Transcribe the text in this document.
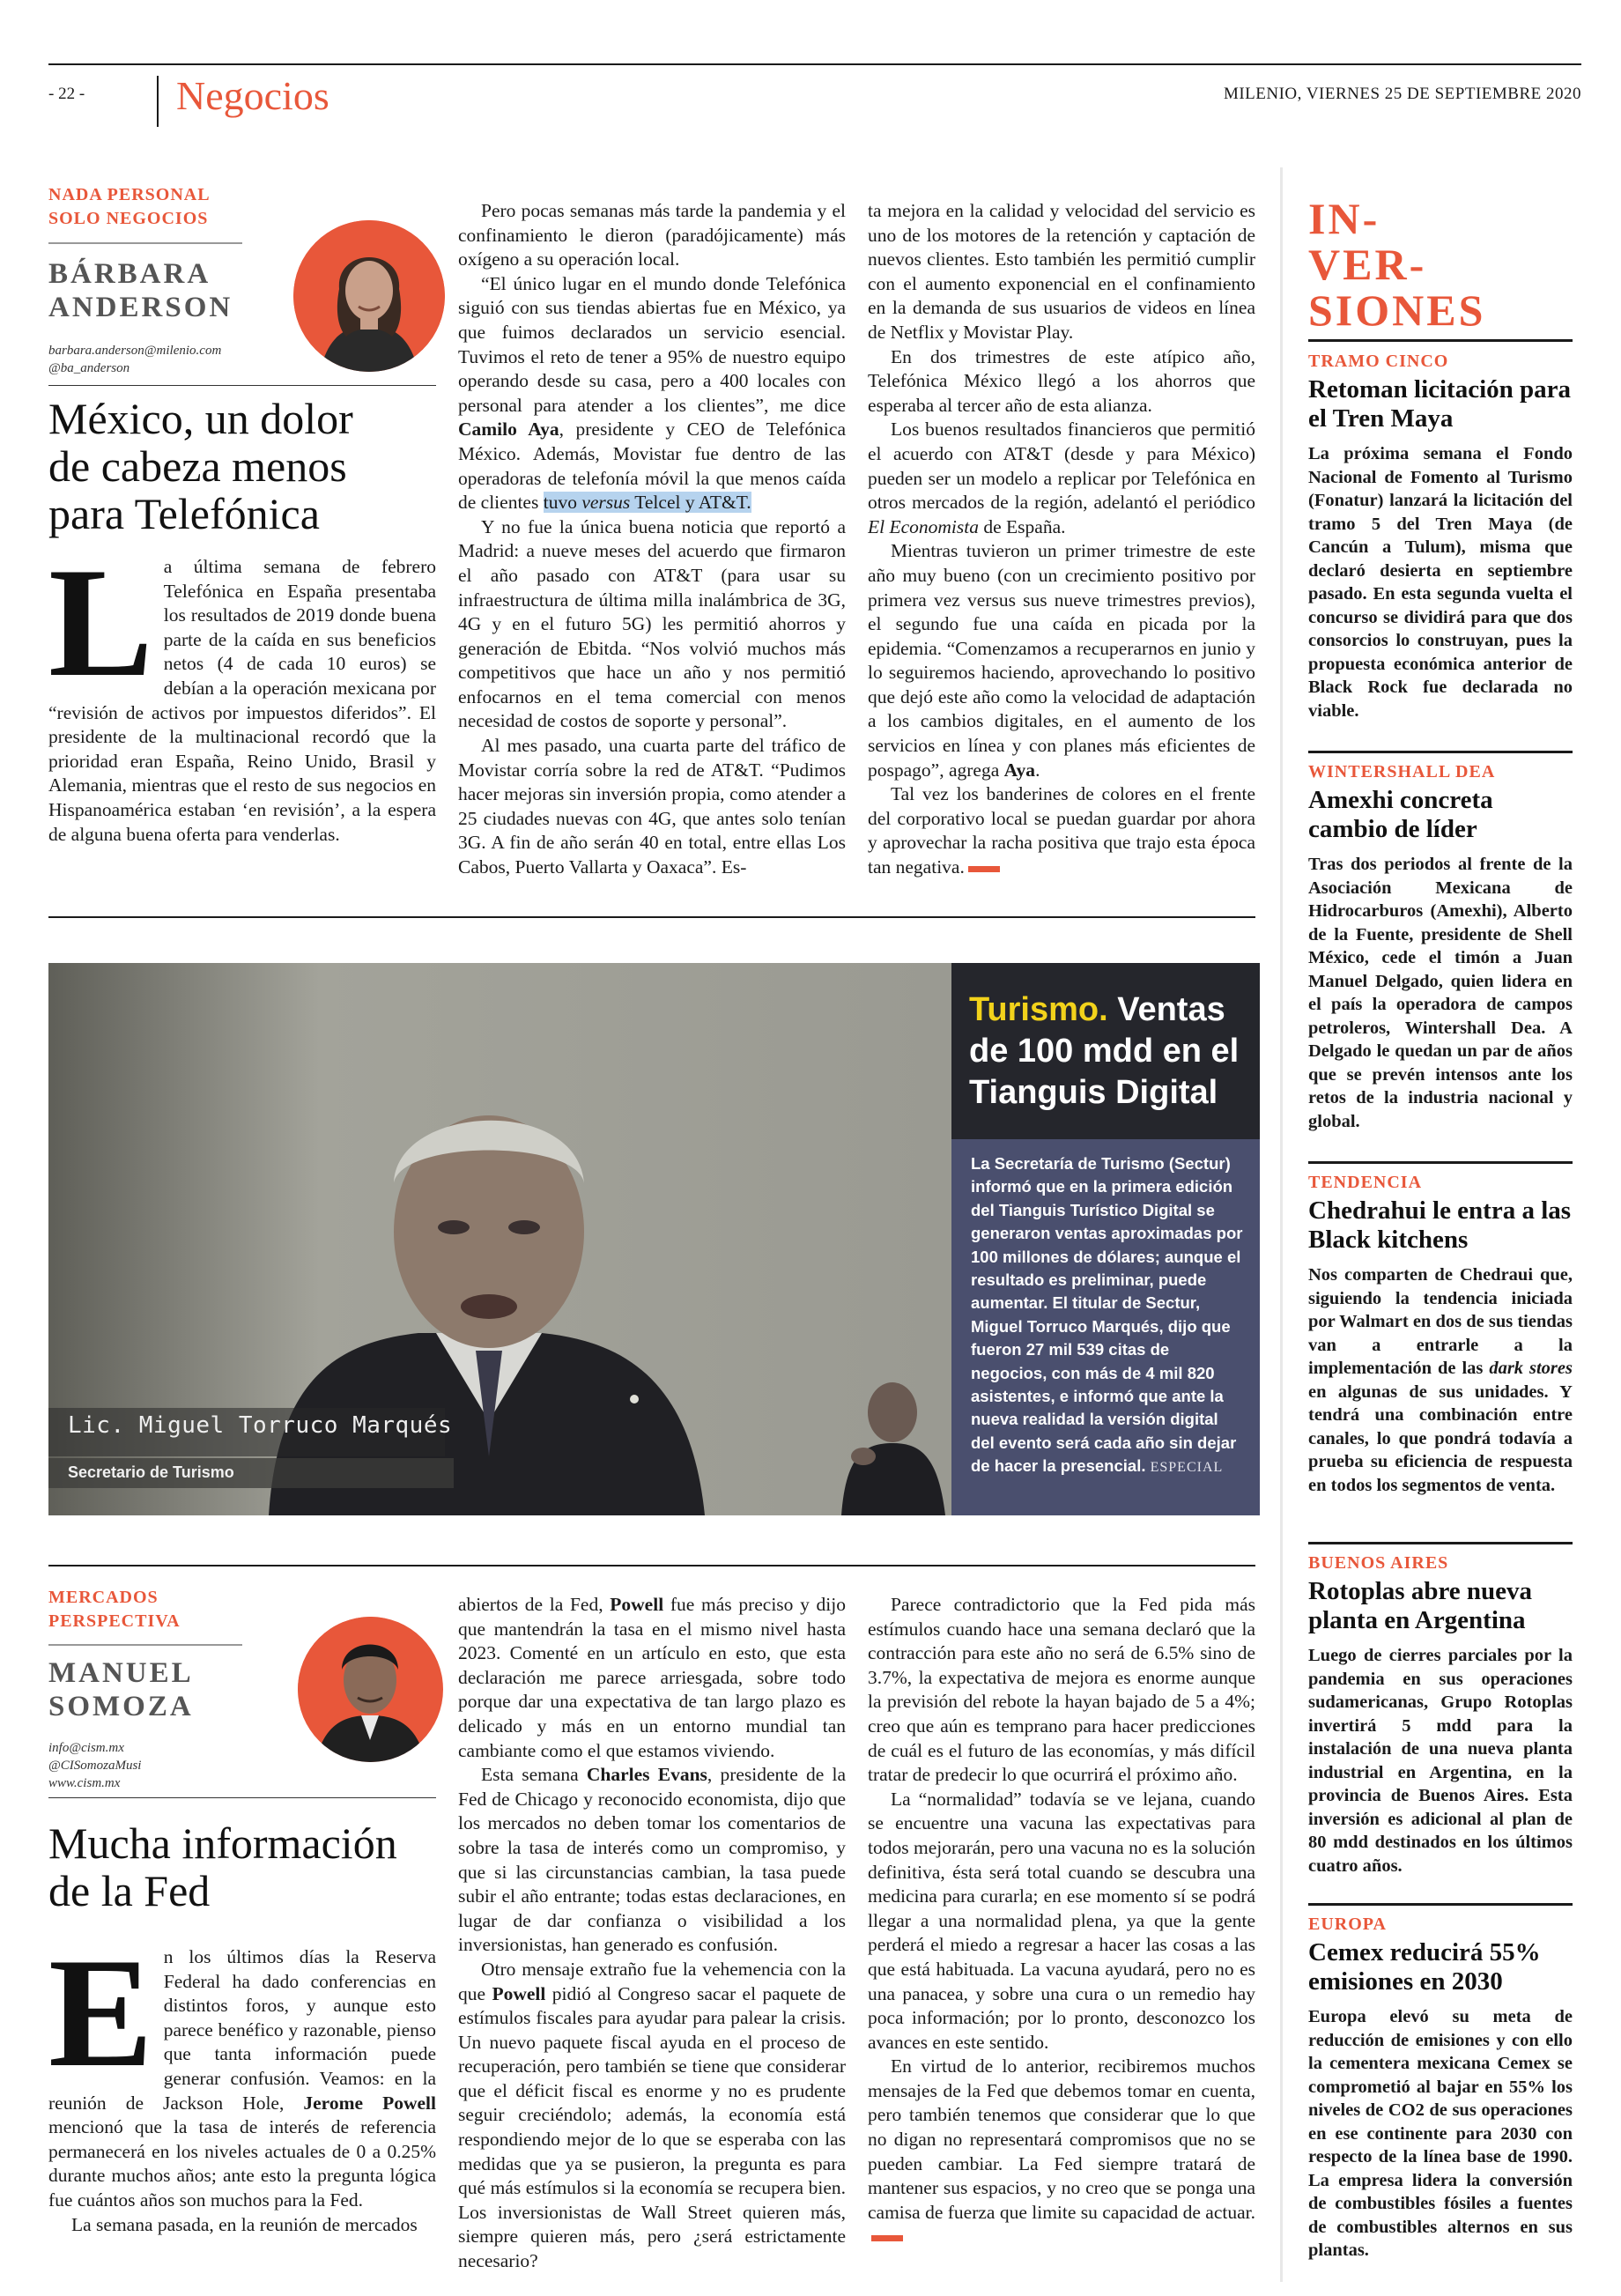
- 22 - Negocios	MILENIO, VIERNES 25 DE SEPTIEMBRE 2020
NADA PERSONAL
SOLO NEGOCIOS
BÁRBARA
ANDERSON
barbara.anderson@milenio.com
@ba_anderson
México, un dolor
de cabeza menos
para Telefónica
L a última semana de febrero Telefónica en España presentaba los resultados de 2019 donde buena parte de la caída en sus beneficios netos (4 de cada 10 euros) se debían a la operación mexicana por “revisión de activos por impuestos diferidos”. El presidente de la multinacional recordó que la prioridad eran España, Reino Unido, Brasil y Alemania, mientras que el resto de sus negocios en Hispanoamérica estaban ‘en revisión’, a la espera de alguna buena oferta para venderlas.

Pero pocas semanas más tarde la pandemia y el confinamiento le dieron (paradójicamente) más oxígeno a su operación local.

“El único lugar en el mundo donde Telefónica siguió con sus tiendas abiertas fue en México, ya que fuimos declarados un servicio esencial. Tuvimos el reto de tener a 95% de nuestro equipo operando desde su casa, pero a 400 locales con personal para atender a los clientes”, me dice Camilo Aya, presidente y CEO de Telefónica México. Además, Movistar fue dentro de las operadoras de telefonía móvil la que menos caída de clientes tuvo versus Telcel y AT&T.

Y no fue la única buena noticia que reportó a Madrid: a nueve meses del acuerdo que firmaron el año pasado con AT&T (para usar su infraestructura de última milla inalámbrica de 3G, 4G y en el futuro 5G) les permitió ahorros y generación de Ebitda. “Nos volvió muchos más competitivos que hace un año y nos permitió enfocarnos en el tema comercial con menos necesidad de costos de soporte y personal”.

Al mes pasado, una cuarta parte del tráfico de Movistar corría sobre la red de AT&T. “Pudimos hacer mejoras sin inversión propia, como atender a 25 ciudades nuevas con 4G, que antes solo tenían 3G. A fin de año serán 40 en total, entre ellas Los Cabos, Puerto Vallarta y Oaxaca”. Es-

ta mejora en la calidad y velocidad del servicio es uno de los motores de la retención y captación de nuevos clientes. Esto también les permitió cumplir con el aumento exponencial en el confinamiento en la demanda de sus usuarios de videos en línea de Netflix y Movistar Play.

En dos trimestres de este atípico año, Telefónica México llegó a los ahorros que esperaba al tercer año de esta alianza.

Los buenos resultados financieros que permitió el acuerdo con AT&T (desde y para México) pueden ser un modelo a replicar por Telefónica en otros mercados de la región, adelantó el periódico El Economista de España.

Mientras tuvieron un primer trimestre de este año muy bueno (con un crecimiento positivo por primera vez versus sus nueve trimestres previos), el segundo fue una caída en picada por la epidemia. “Comenzamos a recuperarnos en junio y lo seguiremos haciendo, aprovechando lo positivo que dejó este año como la velocidad de adaptación a los cambios digitales, en el aumento de los servicios en línea y con planes más eficientes de pospago”, agrega Aya.

Tal vez los banderines de colores en el frente del corporativo local se puedan guardar por ahora y aprovechar la racha positiva que trajo esta época tan negativa.

Lic. Miguel Torruco Marqués
Secretario de Turismo
Turismo. Ventas
de 100 mdd en el
Tianguis Digital
La Secretaría de Turismo (Sectur) informó que en la primera edición del Tianguis Turístico Digital se generaron ventas aproximadas por 100 millones de dólares; aunque el resultado es preliminar, puede aumentar. El titular de Sectur, Miguel Torruco Marqués, dijo que fueron 27 mil 539 citas de negocios, con más de 4 mil 820 asistentes, e informó que ante la nueva realidad la versión digital del evento será cada año sin dejar de hacer la presencial. ESPECIAL
MERCADOS
PERSPECTIVA
MANUEL
SOMOZA
info@cism.mx
@CISomozaMusi
www.cism.mx
Mucha información
de la Fed
E n los últimos días la Reserva Federal ha dado conferencias en distintos foros, y aunque esto parece benéfico y razonable, pienso que tanta información puede generar confusión. Veamos: en la reunión de Jackson Hole, Jerome Powell mencionó que la tasa de interés de referencia permanecerá en los niveles actuales de 0 a 0.25% durante muchos años; ante esto la pregunta lógica fue cuántos años son muchos para la Fed.

La semana pasada, en la reunión de mercados

abiertos de la Fed, Powell fue más preciso y dijo que mantendrán la tasa en el mismo nivel hasta 2023. Comenté en un artículo en esto, que esta declaración me parece arriesgada, sobre todo porque dar una expectativa de tan largo plazo es delicado y más en un entorno mundial tan cambiante como el que estamos viviendo.

Esta semana Charles Evans, presidente de la Fed de Chicago y reconocido economista, dijo que los mercados no deben tomar los comentarios de sobre la tasa de interés como un compromiso, y que si las circunstancias cambian, la tasa puede subir el año entrante; todas estas declaraciones, en lugar de dar confianza o visibilidad a los inversionistas, han generado es confusión.

Otro mensaje extraño fue la vehemencia con la que Powell pidió al Congreso sacar el paquete de estímulos fiscales para ayudar para palear la crisis. Un nuevo paquete fiscal ayuda en el proceso de recuperación, pero también se tiene que considerar que el déficit fiscal es enorme y no es prudente seguir creciéndolo; además, la economía está respondiendo mejor de lo que se esperaba con las medidas que ya se pusieron, la pregunta es para qué más estímulos si la economía se recupera bien. Los inversionistas de Wall Street quieren más, siempre quieren más, pero ¿será estrictamente necesario?

Parece contradictorio que la Fed pida más estímulos cuando hace una semana declaró que la contracción para este año no será de 6.5% sino de 3.7%, la expectativa de mejora es enorme aunque la previsión del rebote la hayan bajado de 5 a 4%; creo que aún es temprano para hacer predicciones de cuál es el futuro de las economías, y más difícil tratar de predecir lo que ocurrirá el próximo año.

La “normalidad” todavía se ve lejana, cuando se encuentre una vacuna las expectativas para todos mejorarán, pero una vacuna no es la solución definitiva, ésta será total cuando se descubra una medicina para curarla; en ese momento sí se podrá llegar a una normalidad plena, ya que la gente perderá el miedo a regresar a hacer las cosas a las que está habituada. La vacuna ayudará, pero no es una panacea, y sobre una cura o un remedio hay poca información; por lo pronto, desconozco los avances en este sentido.

En virtud de lo anterior, recibiremos muchos mensajes de la Fed que debemos tomar en cuenta, pero también tenemos que considerar que lo que no digan no representará compromisos que no se pueden cambiar. La Fed siempre tratará de mantener sus espacios, y no creo que se ponga una camisa de fuerza que limite su capacidad de actuar.

IN-
VER-
SIONES
TRAMO CINCO
Retoman licitación para el Tren Maya
La próxima semana el Fondo Nacional de Fomento al Turismo (Fonatur) lanzará la licitación del tramo 5 del Tren Maya (de Cancún a Tulum), misma que declaró desierta en septiembre pasado. En esta segunda vuelta el concurso se dividirá para que dos consorcios lo construyan, pues la propuesta económica anterior de Black Rock fue declarada no viable.
WINTERSHALL DEA
Amexhi concreta cambio de líder
Tras dos periodos al frente de la Asociación Mexicana de Hidrocarburos (Amexhi), Alberto de la Fuente, presidente de Shell México, cede el timón a Juan Manuel Delgado, quien lidera en el país la operadora de campos petroleros, Wintershall Dea. A Delgado le quedan un par de años que se prevén intensos ante los retos de la industria nacional y global.
TENDENCIA
Chedrahui le entra a las Black kitchens
Nos comparten de Chedraui que, siguiendo la tendencia iniciada por Walmart en dos de sus tiendas van a entrarle a la implementación de las dark stores en algunas de sus unidades. Y tendrá una combinación entre canales, lo que pondrá todavía a prueba su eficiencia de respuesta en todos los segmentos de venta.
BUENOS AIRES
Rotoplas abre nueva planta en Argentina
Luego de cierres parciales por la pandemia en sus operaciones sudamericanas, Grupo Rotoplas invertirá 5 mdd para la instalación de una nueva planta industrial en Argentina, en la provincia de Buenos Aires. Esta inversión es adicional al plan de 80 mdd destinados en los últimos cuatro años.
EUROPA
Cemex reducirá 55% emisiones en 2030
Europa elevó su meta de reducción de emisiones y con ello la cementera mexicana Cemex se comprometió al bajar en 55% los niveles de CO2 de sus operaciones en ese continente para 2030 con respecto de la línea base de 1990. La empresa lidera la conversión de combustibles fósiles a fuentes de combustibles alternos en sus plantas.
